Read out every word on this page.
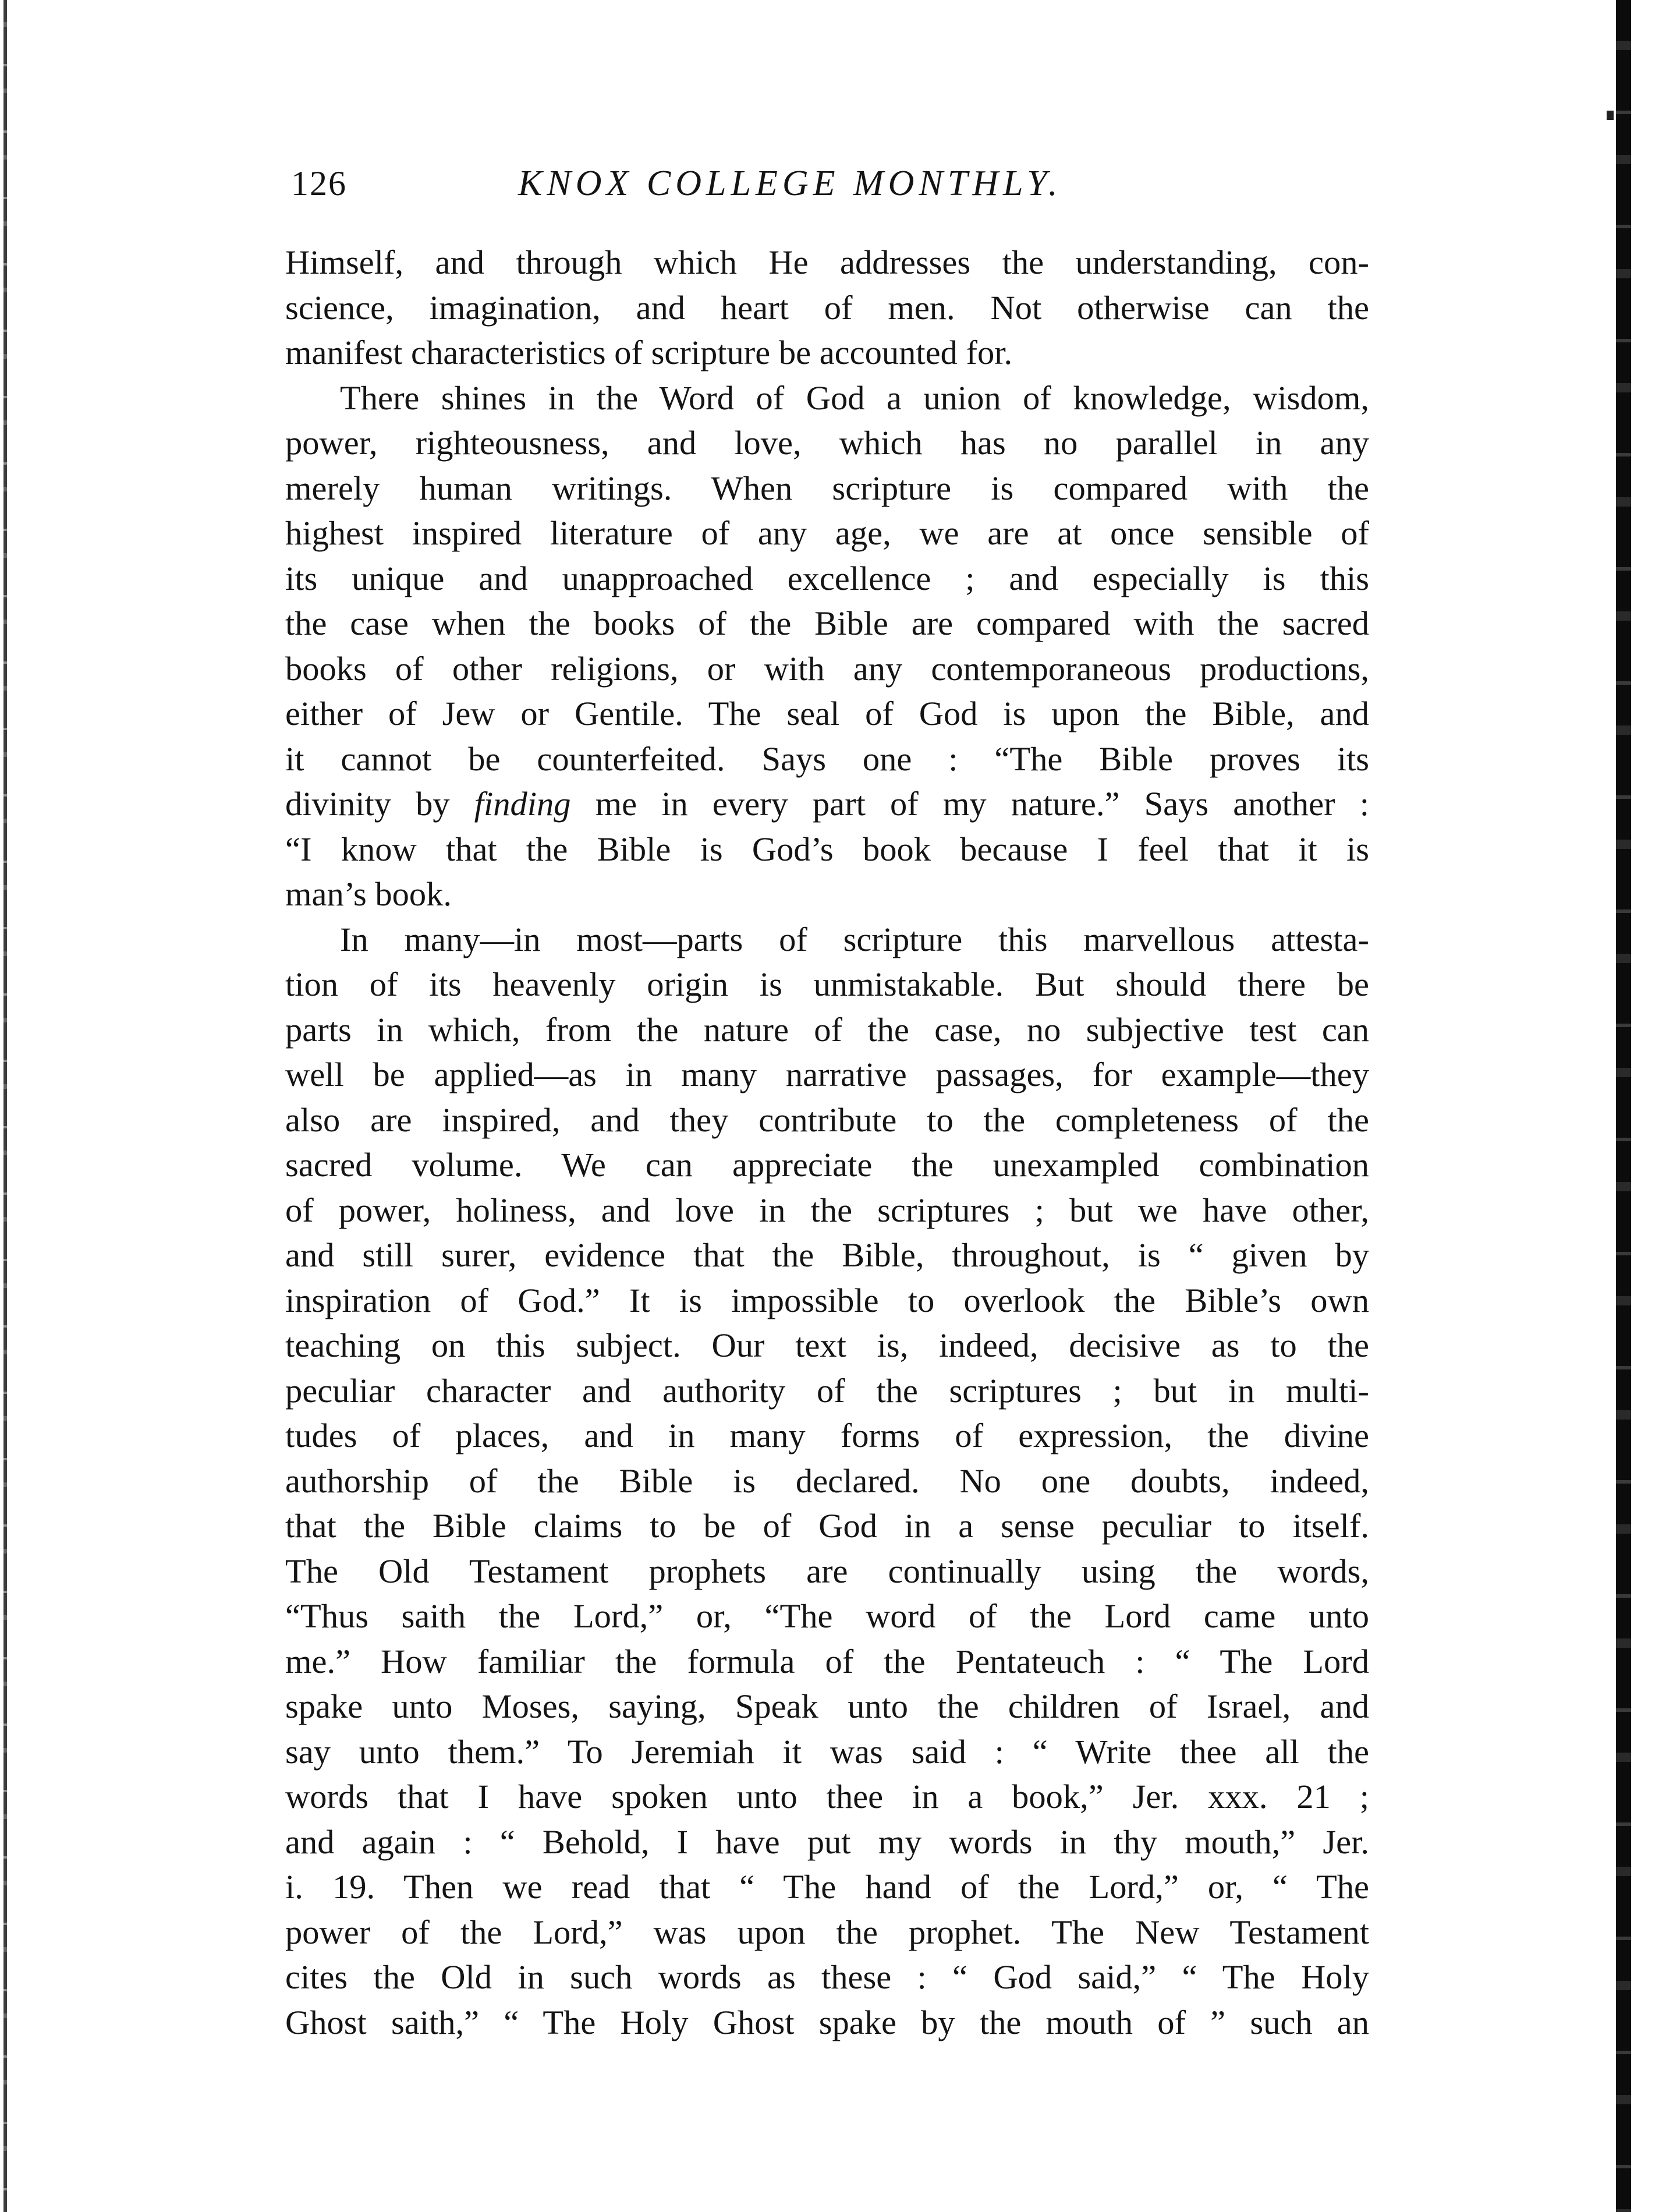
126	KNOX COLLEGE MONTHLY.
Himself, and through which He addresses the understanding, con-
science, imagination, and heart of men. Not otherwise can the
manifest characteristics of scripture be accounted for.
There shines in the Word of God a union of knowledge, wisdom,
power, righteousness, and love, which has no parallel in any
merely human writings. When scripture is compared with the
highest inspired literature of any age, we are at once sensible of
its unique and unapproached excellence ; and especially is this
the case when the books of the Bible are compared with the sacred
books of other religions, or with any contemporaneous productions,
either of Jew or Gentile. The seal of God is upon the Bible, and
it cannot be counterfeited. Says one : “The Bible proves its
divinity by finding me in every part of my nature.” Says another :
“I know that the Bible is God’s book because I feel that it is
man’s book.
In many—in most—parts of scripture this marvellous attesta-
tion of its heavenly origin is unmistakable. But should there be
parts in which, from the nature of the case, no subjective test can
well be applied—as in many narrative passages, for example—they
also are inspired, and they contribute to the completeness of the
sacred volume. We can appreciate the unexampled combination
of power, holiness, and love in the scriptures ; but we have other,
and still surer, evidence that the Bible, throughout, is “ given by
inspiration of God.” It is impossible to overlook the Bible’s own
teaching on this subject. Our text is, indeed, decisive as to the
peculiar character and authority of the scriptures ; but in multi-
tudes of places, and in many forms of expression, the divine
authorship of the Bible is declared. No one doubts, indeed,
that the Bible claims to be of God in a sense peculiar to itself.
The Old Testament prophets are continually using the words,
“Thus saith the Lord,” or, “The word of the Lord came unto
me.” How familiar the formula of the Pentateuch : “ The Lord
spake unto Moses, saying, Speak unto the children of Israel, and
say unto them.” To Jeremiah it was said : “ Write thee all the
words that I have spoken unto thee in a book,” Jer. xxx. 21 ;
and again : “ Behold, I have put my words in thy mouth,” Jer.
i. 19. Then we read that “ The hand of the Lord,” or, “ The
power of the Lord,” was upon the prophet. The New Testament
cites the Old in such words as these : “ God said,” “ The Holy
Ghost saith,” “ The Holy Ghost spake by the mouth of ” such an
